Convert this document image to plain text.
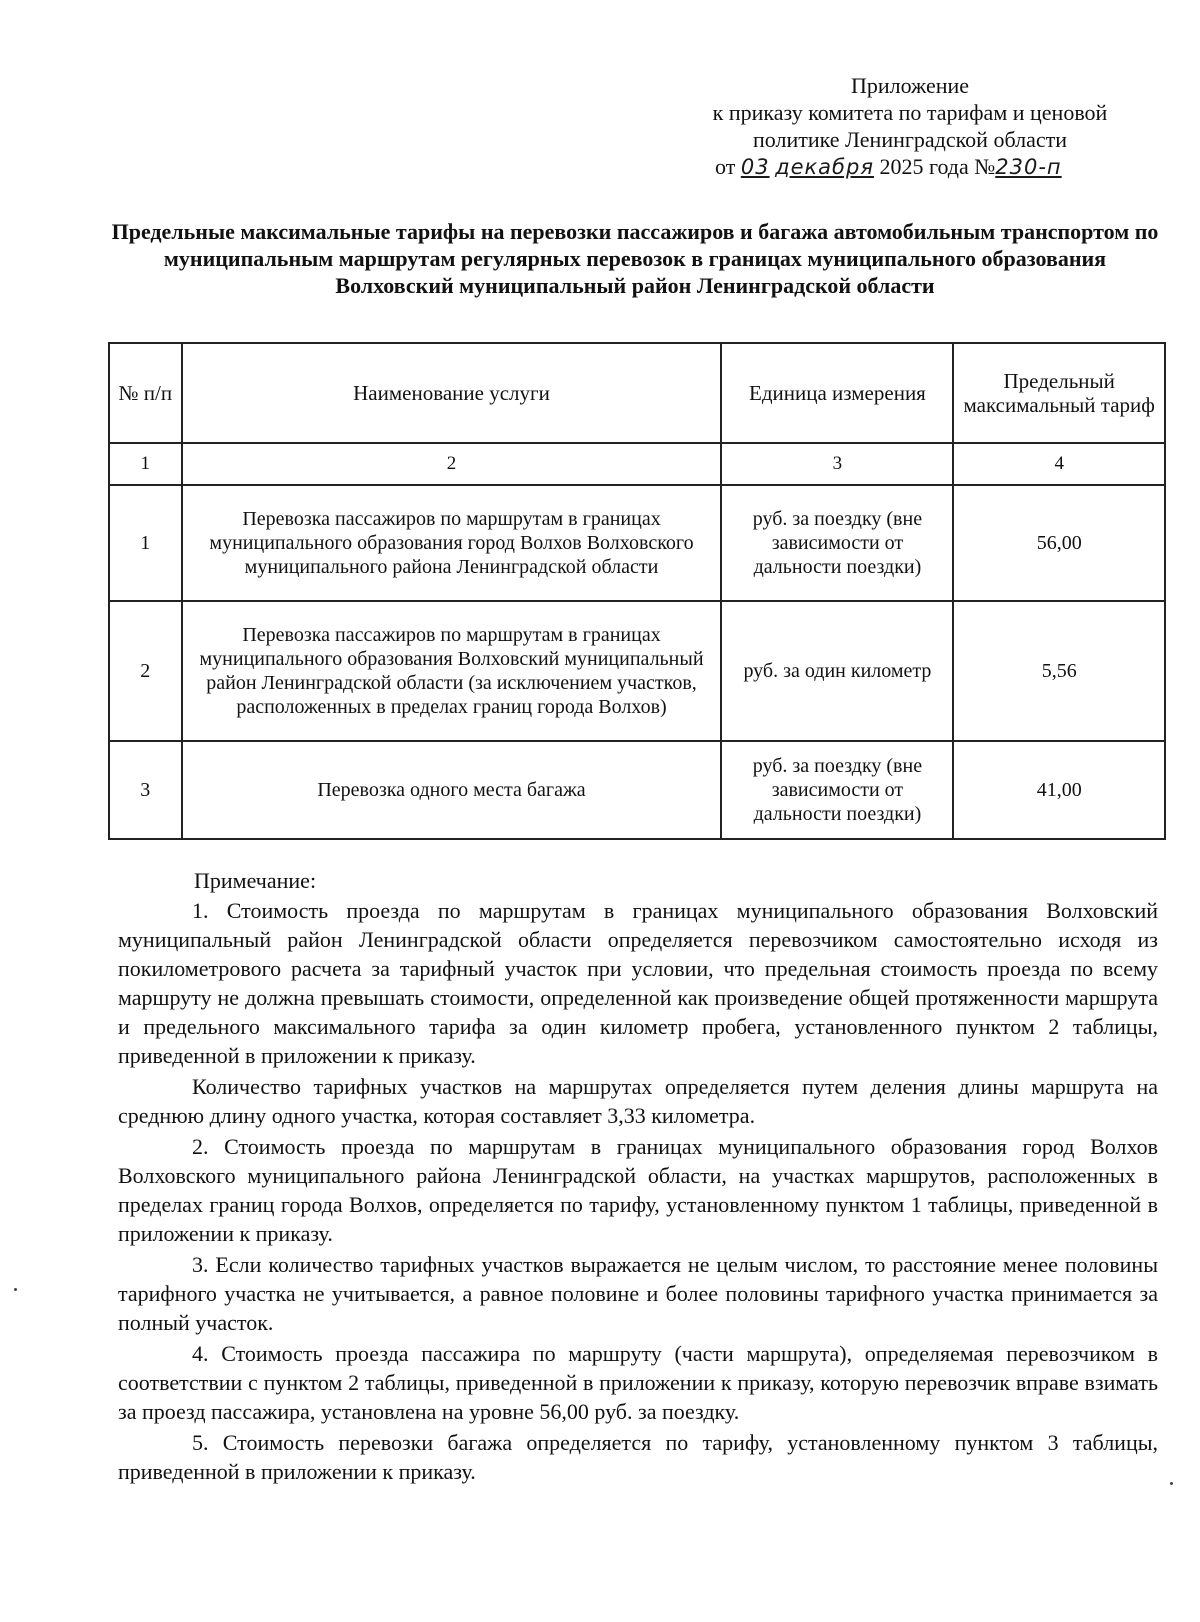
Приложение
к приказу комитета по тарифам и ценовой
политике Ленинградской области
от 03 декабря 2025 года №230-п
Предельные максимальные тарифы на перевозки пассажиров и багажа автомобильным транспортом по муниципальным маршрутам регулярных перевозок в границах муниципального образования Волховский муниципальный район Ленинградской области
№ п/п	Наименование услуги	Единица измерения	Предельный максимальный тариф
1	2	3	4
1	Перевозка пассажиров по маршрутам в границах муниципального образования город Волхов Волховского муниципального района Ленинградской области	руб. за поездку (вне зависимости от дальности поездки)	56,00
2	Перевозка пассажиров по маршрутам в границах муниципального образования Волховский муниципальный район Ленинградской области (за исключением участков, расположенных в пределах границ города Волхов)	руб. за один километр	5,56
3	Перевозка одного места багажа	руб. за поездку (вне зависимости от дальности поездки)	41,00
Примечание:

1. Стоимость проезда по маршрутам в границах муниципального образования Волховский муниципальный район Ленинградской области определяется перевозчиком самостоятельно исходя из покилометрового расчета за тарифный участок при условии, что предельная стоимость проезда по всему маршруту не должна превышать стоимости, определенной как произведение общей протяженности маршрута и предельного максимального тарифа за один километр пробега, установленного пунктом 2 таблицы, приведенной в приложении к приказу.

Количество тарифных участков на маршрутах определяется путем деления длины маршрута на среднюю длину одного участка, которая составляет 3,33 километра.

2. Стоимость проезда по маршрутам в границах муниципального образования город Волхов Волховского муниципального района Ленинградской области, на участках маршрутов, расположенных в пределах границ города Волхов, определяется по тарифу, установленному пунктом 1 таблицы, приведенной в приложении к приказу.

3. Если количество тарифных участков выражается не целым числом, то расстояние менее половины тарифного участка не учитывается, а равное половине и более половины тарифного участка принимается за полный участок.

4. Стоимость проезда пассажира по маршруту (части маршрута), определяемая перевозчиком в соответствии с пунктом 2 таблицы, приведенной в приложении к приказу, которую перевозчик вправе взимать за проезд пассажира, установлена на уровне 56,00 руб. за поездку.

5. Стоимость перевозки багажа определяется по тарифу, установленному пунктом 3 таблицы, приведенной в приложении к приказу.
